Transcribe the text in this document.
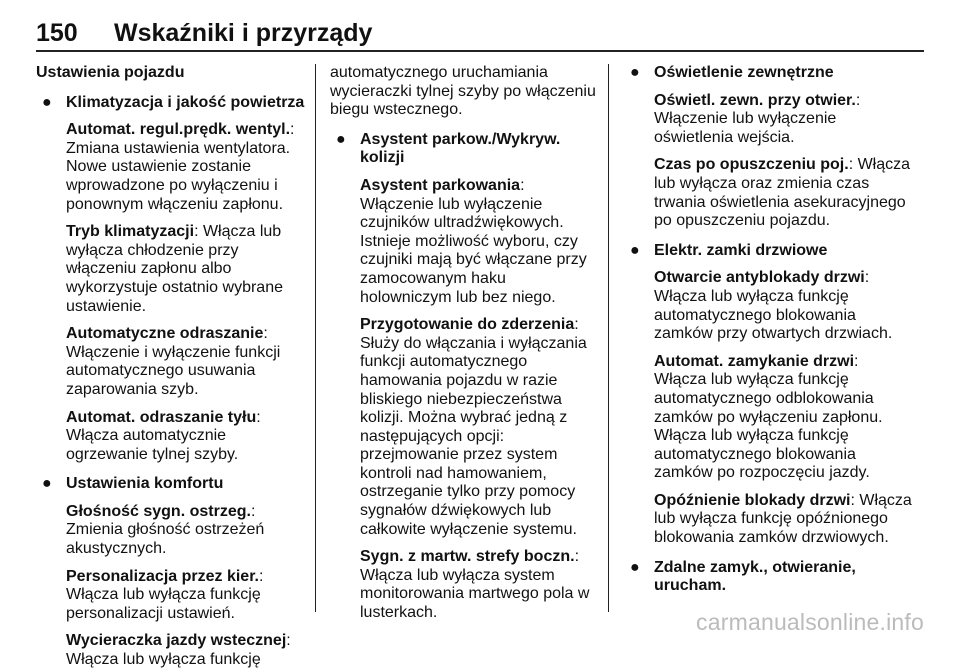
150 Wskaźniki i przyrządy
Ustawienia pojazdu
● Klimatyzacja i jakość powietrza
Automat. regul.prędk. wentyl.: Zmiana ustawienia wentylatora. Nowe ustawienie zostanie wprowadzone po wyłączeniu i ponownym włączeniu zapłonu.
Tryb klimatyzacji: Włącza lub wyłącza chłodzenie przy włączeniu zapłonu albo wykorzystuje ostatnio wybrane ustawienie.
Automatyczne odraszanie: Włączenie i wyłączenie funkcji automatycznego usuwania zaparowania szyb.
Automat. odraszanie tyłu: Włącza automatycznie ogrzewanie tylnej szyby.
● Ustawienia komfortu
Głośność sygn. ostrzeg.: Zmienia głośność ostrzeżeń akustycznych.
Personalizacja przez kier.: Włącza lub wyłącza funkcję personalizacji ustawień.
Wycieraczka jazdy wstecznej: Włącza lub wyłącza funkcję
automatycznego uruchamiania wycieraczki tylnej szyby po włączeniu biegu wstecznego.
● Asystent parkow./Wykryw. kolizji
Asystent parkowania: Włączenie lub wyłączenie czujników ultradźwiękowych. Istnieje możliwość wyboru, czy czujniki mają być włączane przy zamocowanym haku holowniczym lub bez niego.
Przygotowanie do zderzenia: Służy do włączania i wyłączania funkcji automatycznego hamowania pojazdu w razie bliskiego niebezpieczeństwa kolizji. Można wybrać jedną z następujących opcji: przejmowanie przez system kontroli nad hamowaniem, ostrzeganie tylko przy pomocy sygnałów dźwiękowych lub całkowite wyłączenie systemu.
Sygn. z martw. strefy boczn.: Włącza lub wyłącza system monitorowania martwego pola w lusterkach.
● Oświetlenie zewnętrzne
Oświetl. zewn. przy otwier.: Włączenie lub wyłączenie oświetlenia wejścia.
Czas po opuszczeniu poj.: Włącza lub wyłącza oraz zmienia czas trwania oświetlenia asekuracyjnego po opuszczeniu pojazdu.
● Elektr. zamki drzwiowe
Otwarcie antyblokady drzwi: Włącza lub wyłącza funkcję automatycznego blokowania zamków przy otwartych drzwiach.
Automat. zamykanie drzwi: Włącza lub wyłącza funkcję automatycznego odblokowania zamków po wyłączeniu zapłonu. Włącza lub wyłącza funkcję automatycznego blokowania zamków po rozpoczęciu jazdy.
Opóźnienie blokady drzwi: Włącza lub wyłącza funkcję opóźnionego blokowania zamków drzwiowych.
● Zdalne zamyk., otwieranie, urucham.
carmanualsonline.info
